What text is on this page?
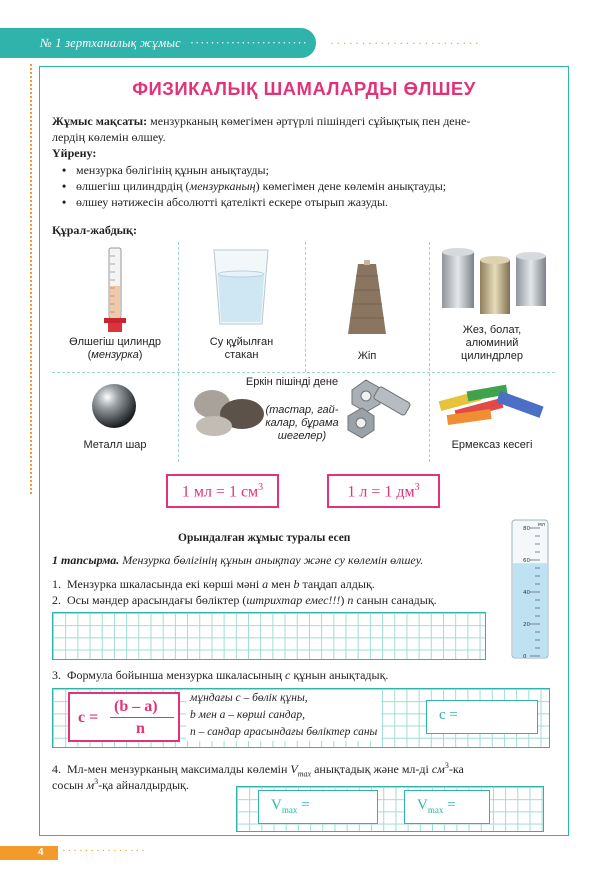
№ 1 зертханалық жұмыс ·······················	························
ФИЗИКАЛЫҚ ШАМАЛАРДЫ ӨЛШЕУ
Жұмыс мақсаты: мензурканың көмегімен әртүрлі пішіндегі сұйықтық пен дене-
лердің көлемін өлшеу.
Үйрену:
• мензурка бөлігінің құнын анықтауды;
• өлшегіш цилиндрдің (мензурканың) көмегімен дене көлемін анықтауды;
• өлшеу нәтижесін абсолютті қателікті ескере отырып жазуды.
Құрал-жабдық:
Өлшегіш цилиндр
(мензурка)
Су құйылған
стакан	Жіп
Жез, болат,
алюминий
цилиндрлер
Металл шар
Еркін пішінді дене
(тастар, гай-
калар, бұрама
шегелер)
Ермексаз кесегі
1 мл = 1 $см^3$	1 л = 1 $дм^3$
Орындалған жұмыс туралы есеп
1 тапсырма. Мензурка бөлігінің құнын анықтау және су көлемін өлшеу.
1. Мензурка шкаласында екі көрші мәні a мен b таңдап алдық.
2. Осы мәндер арасындағы бөліктер (штрихтар емес!!!) n санын санадық.
80
60
40
20
0
мл
3. Формула бойынша мензурка шкаласының c құнын анықтадық.
c =
(b – a)
n
мұндағы c – бөлік құны,
b мен a – көрші сандар,
n – сандар арасындағы бөліктер саны
c =
4. Мл-мен мензурканың максималды көлемін $V_{max}$ анықтадық және мл-ді $см^3-ка$
сосын $м^3-қа$ айналдырдық.
$V_{max}$ =	$V_{max}$ =
4	···············
